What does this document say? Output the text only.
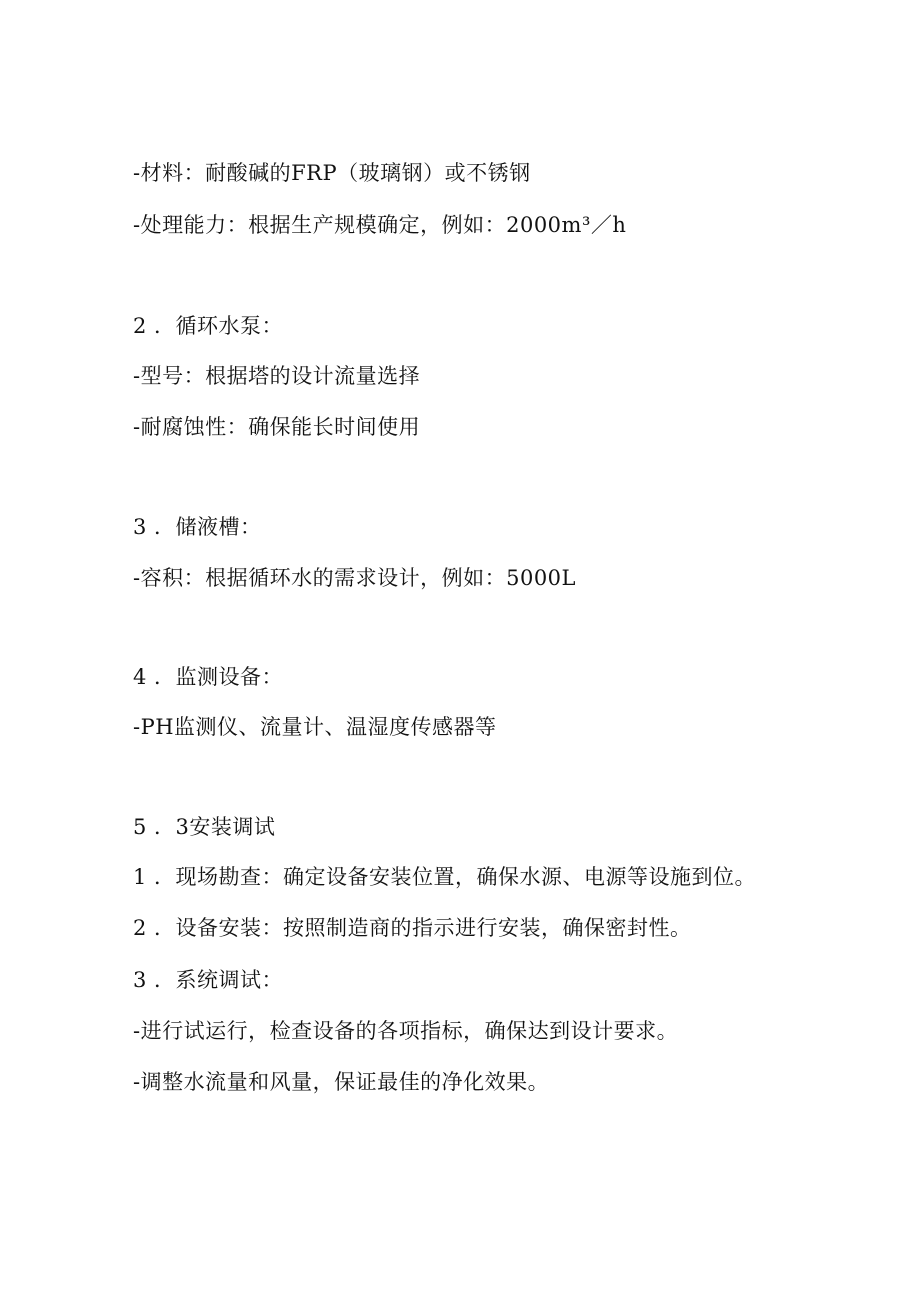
-材料：耐酸碱的FRP（玻璃钢）或不锈钢
-处理能力：根据生产规模确定，例如：2000m³／h
2 ．循环水泵：
-型号：根据塔的设计流量选择
-耐腐蚀性：确保能长时间使用
3 ．储液槽：
-容积：根据循环水的需求设计，例如：5000L
4 ．监测设备：
-PH监测仪、流量计、温湿度传感器等
5 ．3安装调试
1 ．现场勘查：确定设备安装位置，确保水源、电源等设施到位。
2 ．设备安装：按照制造商的指示进行安装，确保密封性。
3 ．系统调试：
-进行试运行，检查设备的各项指标，确保达到设计要求。
-调整水流量和风量，保证最佳的净化效果。
